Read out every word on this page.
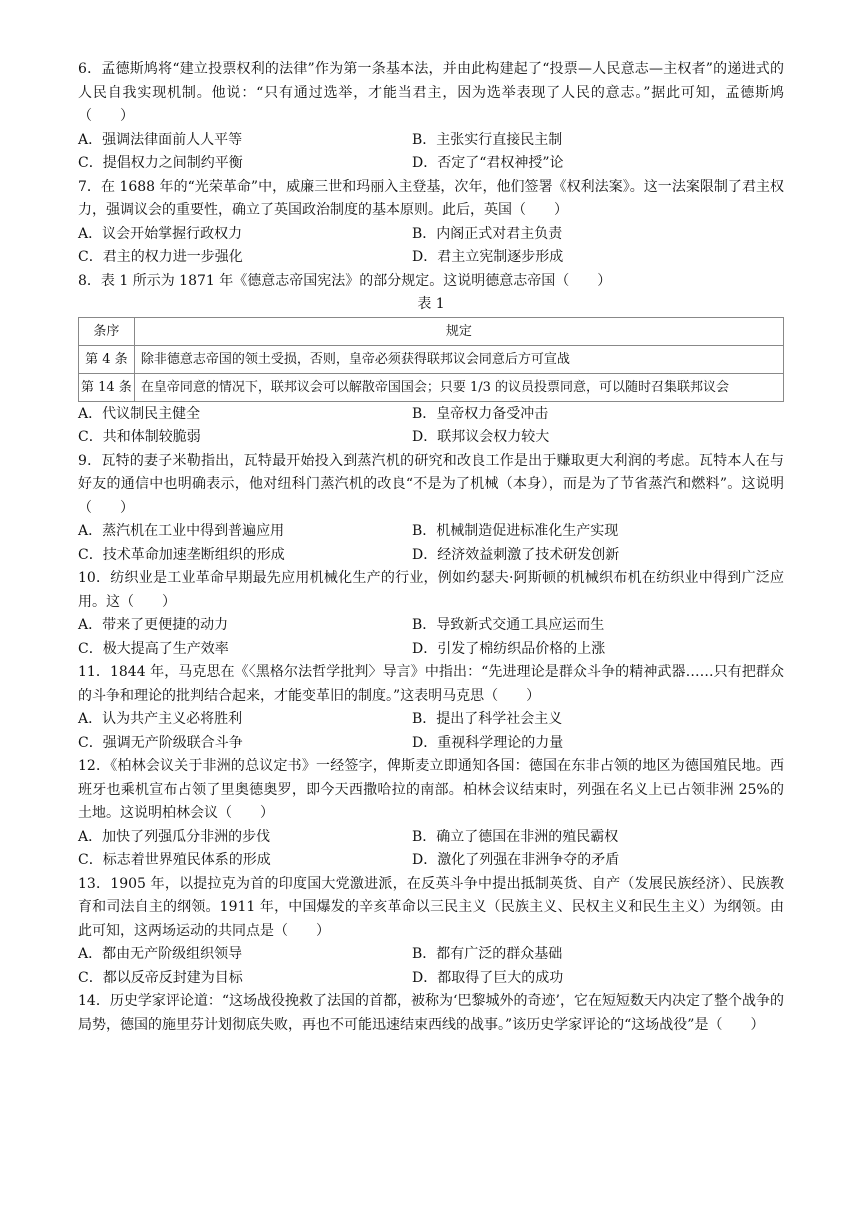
6．孟德斯鸠将“建立投票权利的法律”作为第一条基本法，并由此构建起了“投票—人民意志—主权者”的递进式的人民自我实现机制。他说：“只有通过选举，才能当君主，因为选举表现了人民的意志。”据此可知，孟德斯鸠（　　）

A．强调法律面前人人平等	B．主张实行直接民主制
C．提倡权力之间制约平衡	D．否定了“君权神授”论

7．在 1688 年的“光荣革命”中，威廉三世和玛丽入主登基，次年，他们签署《权利法案》。这一法案限制了君主权力，强调议会的重要性，确立了英国政治制度的基本原则。此后，英国（　　）

A．议会开始掌握行政权力	B．内阁正式对君主负责
C．君主的权力进一步强化	D．君主立宪制逐步形成

8．表 1 所示为 1871 年《德意志帝国宪法》的部分规定。这说明德意志帝国（　　）

表 1
条序	规定
第 4 条	除非德意志帝国的领土受损，否则，皇帝必须获得联邦议会同意后方可宣战
第 14 条	在皇帝同意的情况下，联邦议会可以解散帝国国会；只要 1/3 的议员投票同意，可以随时召集联邦议会
A．代议制民主健全	B．皇帝权力备受冲击
C．共和体制较脆弱	D．联邦议会权力较大

9．瓦特的妻子米勒指出，瓦特最开始投入到蒸汽机的研究和改良工作是出于赚取更大利润的考虑。瓦特本人在与好友的通信中也明确表示，他对纽科门蒸汽机的改良“不是为了机械（本身），而是为了节省蒸汽和燃料”。这说明（　　）

A．蒸汽机在工业中得到普遍应用	B．机械制造促进标准化生产实现
C．技术革命加速垄断组织的形成	D．经济效益刺激了技术研发创新

10．纺织业是工业革命早期最先应用机械化生产的行业，例如约瑟夫·阿斯顿的机械织布机在纺织业中得到广泛应用。这（　　）

A．带来了更便捷的动力	B．导致新式交通工具应运而生
C．极大提高了生产效率	D．引发了棉纺织品价格的上涨

11．1844 年，马克思在《〈黑格尔法哲学批判〉导言》中指出：“先进理论是群众斗争的精神武器……只有把群众的斗争和理论的批判结合起来，才能变革旧的制度。”这表明马克思（　　）

A．认为共产主义必将胜利	B．提出了科学社会主义
C．强调无产阶级联合斗争	D．重视科学理论的力量

12．《柏林会议关于非洲的总议定书》一经签字，俾斯麦立即通知各国：德国在东非占领的地区为德国殖民地。西班牙也乘机宣布占领了里奥德奥罗，即今天西撒哈拉的南部。柏林会议结束时，列强在名义上已占领非洲 25%的土地。这说明柏林会议（　　）

A．加快了列强瓜分非洲的步伐	B．确立了德国在非洲的殖民霸权
C．标志着世界殖民体系的形成	D．激化了列强在非洲争夺的矛盾

13．1905 年，以提拉克为首的印度国大党激进派，在反英斗争中提出抵制英货、自产（发展民族经济）、民族教育和司法自主的纲领。1911 年，中国爆发的辛亥革命以三民主义（民族主义、民权主义和民生主义）为纲领。由此可知，这两场运动的共同点是（　　）

A．都由无产阶级组织领导	B．都有广泛的群众基础
C．都以反帝反封建为目标	D．都取得了巨大的成功

14．历史学家评论道：“这场战役挽救了法国的首都，被称为‘巴黎城外的奇迹’，它在短短数天内决定了整个战争的局势，德国的施里芬计划彻底失败，再也不可能迅速结束西线的战事。”该历史学家评论的“这场战役”是（　　）
